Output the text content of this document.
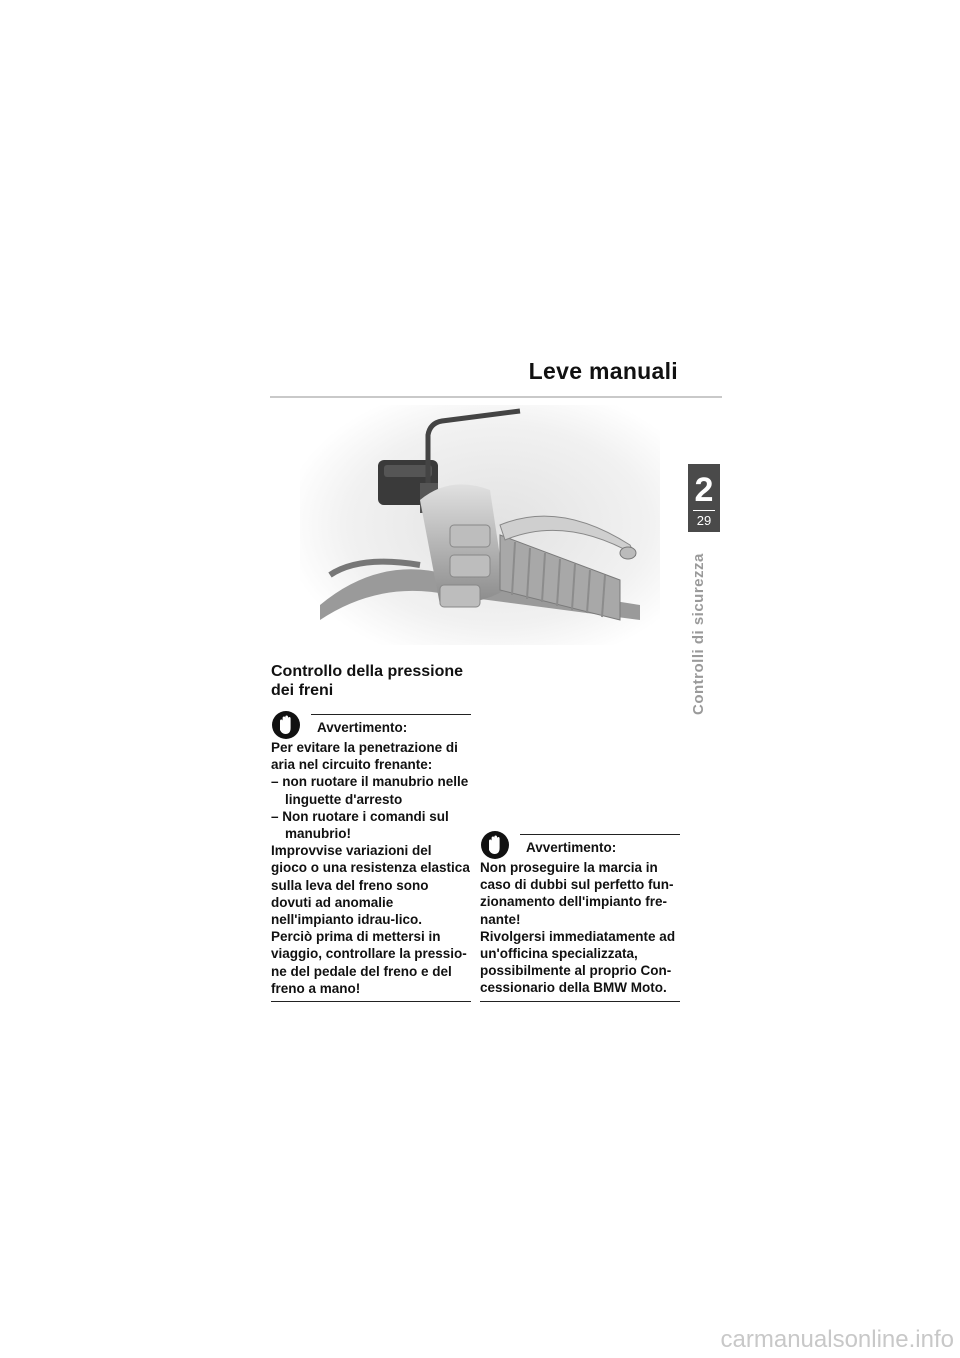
Leve manuali
2
29
Controlli di sicurezza
Controllo della pressione dei freni
Avvertimento:

Per evitare la penetrazione di aria nel circuito frenante:

– non ruotare il manubrio nelle linguette d'arresto
– Non ruotare i comandi sul manubrio!

Improvvise variazioni del gioco o una resistenza elastica sulla leva del freno sono dovuti ad anomalie nell'impianto idrau-lico.

Perciò prima di mettersi in viaggio, controllare la pressio-ne del pedale del freno e del freno a mano!

Avvertimento:

Non proseguire la marcia in caso di dubbi sul perfetto fun-zionamento dell'impianto fre-nante!

Rivolgersi immediatamente ad un'officina specializzata, possibilmente al proprio Con-cessionario della BMW Moto.

carmanualsonline.info
